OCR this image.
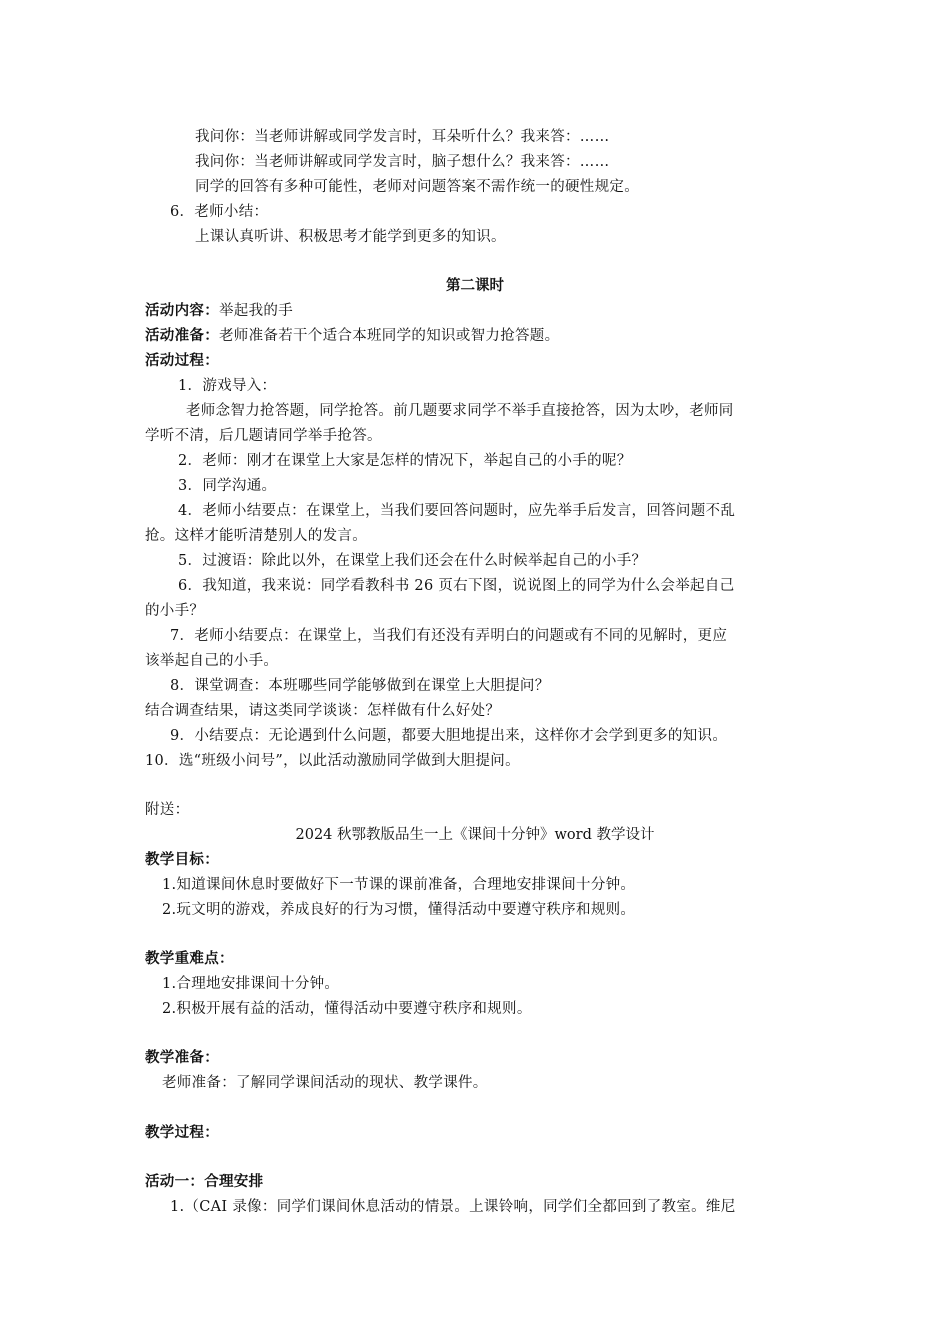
我问你：当老师讲解或同学发言时，耳朵听什么？我来答：……
我问你：当老师讲解或同学发言时，脑子想什么？我来答：……
同学的回答有多种可能性，老师对问题答案不需作统一的硬性规定。
6．老师小结：
上课认真听讲、积极思考才能学到更多的知识。
第二课时
活动内容：举起我的手
活动准备：老师准备若干个适合本班同学的知识或智力抢答题。
活动过程：
1．游戏导入：
老师念智力抢答题，同学抢答。前几题要求同学不举手直接抢答，因为太吵，老师同
学听不清，后几题请同学举手抢答。
2．老师：刚才在课堂上大家是怎样的情况下，举起自己的小手的呢？
3．同学沟通。
4．老师小结要点：在课堂上，当我们要回答问题时，应先举手后发言，回答问题不乱
抢。这样才能听清楚别人的发言。
5．过渡语：除此以外，在课堂上我们还会在什么时候举起自己的小手？
6．我知道，我来说：同学看教科书 26 页右下图，说说图上的同学为什么会举起自己
的小手？
7．老师小结要点：在课堂上，当我们有还没有弄明白的问题或有不同的见解时，更应
该举起自己的小手。
8．课堂调查：本班哪些同学能够做到在课堂上大胆提问？
结合调查结果，请这类同学谈谈：怎样做有什么好处？
9．小结要点：无论遇到什么问题，都要大胆地提出来，这样你才会学到更多的知识。
10．选“班级小问号”，以此活动激励同学做到大胆提问。
附送：
2024 秋鄂教版品生一上《课间十分钟》word 教学设计
教学目标：
1.知道课间休息时要做好下一节课的课前准备，合理地安排课间十分钟。
2.玩文明的游戏，养成良好的行为习惯，懂得活动中要遵守秩序和规则。
教学重难点：
1.合理地安排课间十分钟。
2.积极开展有益的活动，懂得活动中要遵守秩序和规则。
教学准备：
老师准备：了解同学课间活动的现状、教学课件。
教学过程：
活动一：合理安排
1.（CAI 录像：同学们课间休息活动的情景。上课铃响，同学们全都回到了教室。维尼
